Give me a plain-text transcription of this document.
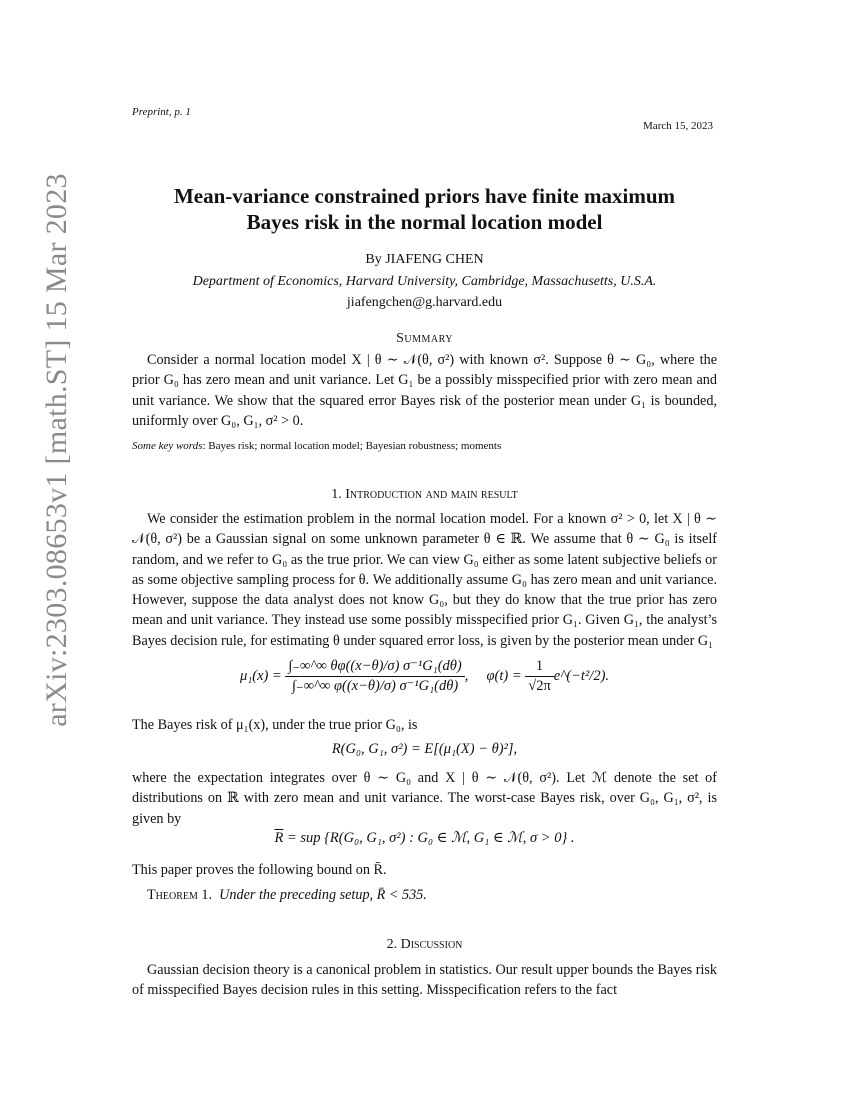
arXiv:2303.08653v1 [math.ST] 15 Mar 2023
Preprint, p. 1
March 15, 2023
Mean-variance constrained priors have finite maximum
Bayes risk in the normal location model
By JIAFENG CHEN
Department of Economics, Harvard University, Cambridge, Massachusetts, U.S.A.
jiafengchen@g.harvard.edu
Summary
Consider a normal location model X | θ ∼ 𝒩(θ, σ²) with known σ². Suppose θ ∼ G₀, where the prior G₀ has zero mean and unit variance. Let G₁ be a possibly misspecified prior with zero mean and unit variance. We show that the squared error Bayes risk of the posterior mean under G₁ is bounded, uniformly over G₀, G₁, σ² > 0.
Some key words: Bayes risk; normal location model; Bayesian robustness; moments
1. Introduction and main result
We consider the estimation problem in the normal location model. For a known σ² > 0, let X | θ ∼ 𝒩(θ, σ²) be a Gaussian signal on some unknown parameter θ ∈ ℝ. We assume that θ ∼ G₀ is itself random, and we refer to G₀ as the true prior. We can view G₀ either as some latent subjective beliefs or as some objective sampling process for θ. We additionally assume G₀ has zero mean and unit variance. However, suppose the data analyst does not know G₀, but they do know that the true prior has zero mean and unit variance. They instead use some possibly misspecified prior G₁. Given G₁, the analyst’s Bayes decision rule, for estimating θ under squared error loss, is given by the posterior mean under G₁
$\mu_1(x) = \frac{\text{∫₋∞\textasciicircum{}∞ θφ((x−θ)/σ) σ⁻¹G₁(dθ)}}{\text{∫₋∞\textasciicircum{}∞ φ((x−θ)/σ) σ⁻¹G₁(dθ)}}$ , $\varphi(t) = \frac{1}{√2\pi}$ e^(−t²/2).
The Bayes risk of μ₁(x), under the true prior G₀, is
R(G₀, G₁, σ²) = E[(μ₁(X) − θ)²],
where the expectation integrates over θ ∼ G₀ and X | θ ∼ 𝒩(θ, σ²). Let ℳ denote the set of distributions on ℝ with zero mean and unit variance. The worst-case Bayes risk, over G₀, G₁, σ², is given by
$\overline{R}$ = sup {R(G₀, G₁, σ²) : G₀ ∈ ℳ, G₁ ∈ ℳ, σ > 0} .
This paper proves the following bound on R̄.
Theorem 1. Under the preceding setup, R̄ < 535.
2. Discussion
Gaussian decision theory is a canonical problem in statistics. Our result upper bounds the Bayes risk of misspecified Bayes decision rules in this setting. Misspecification refers to the fact
